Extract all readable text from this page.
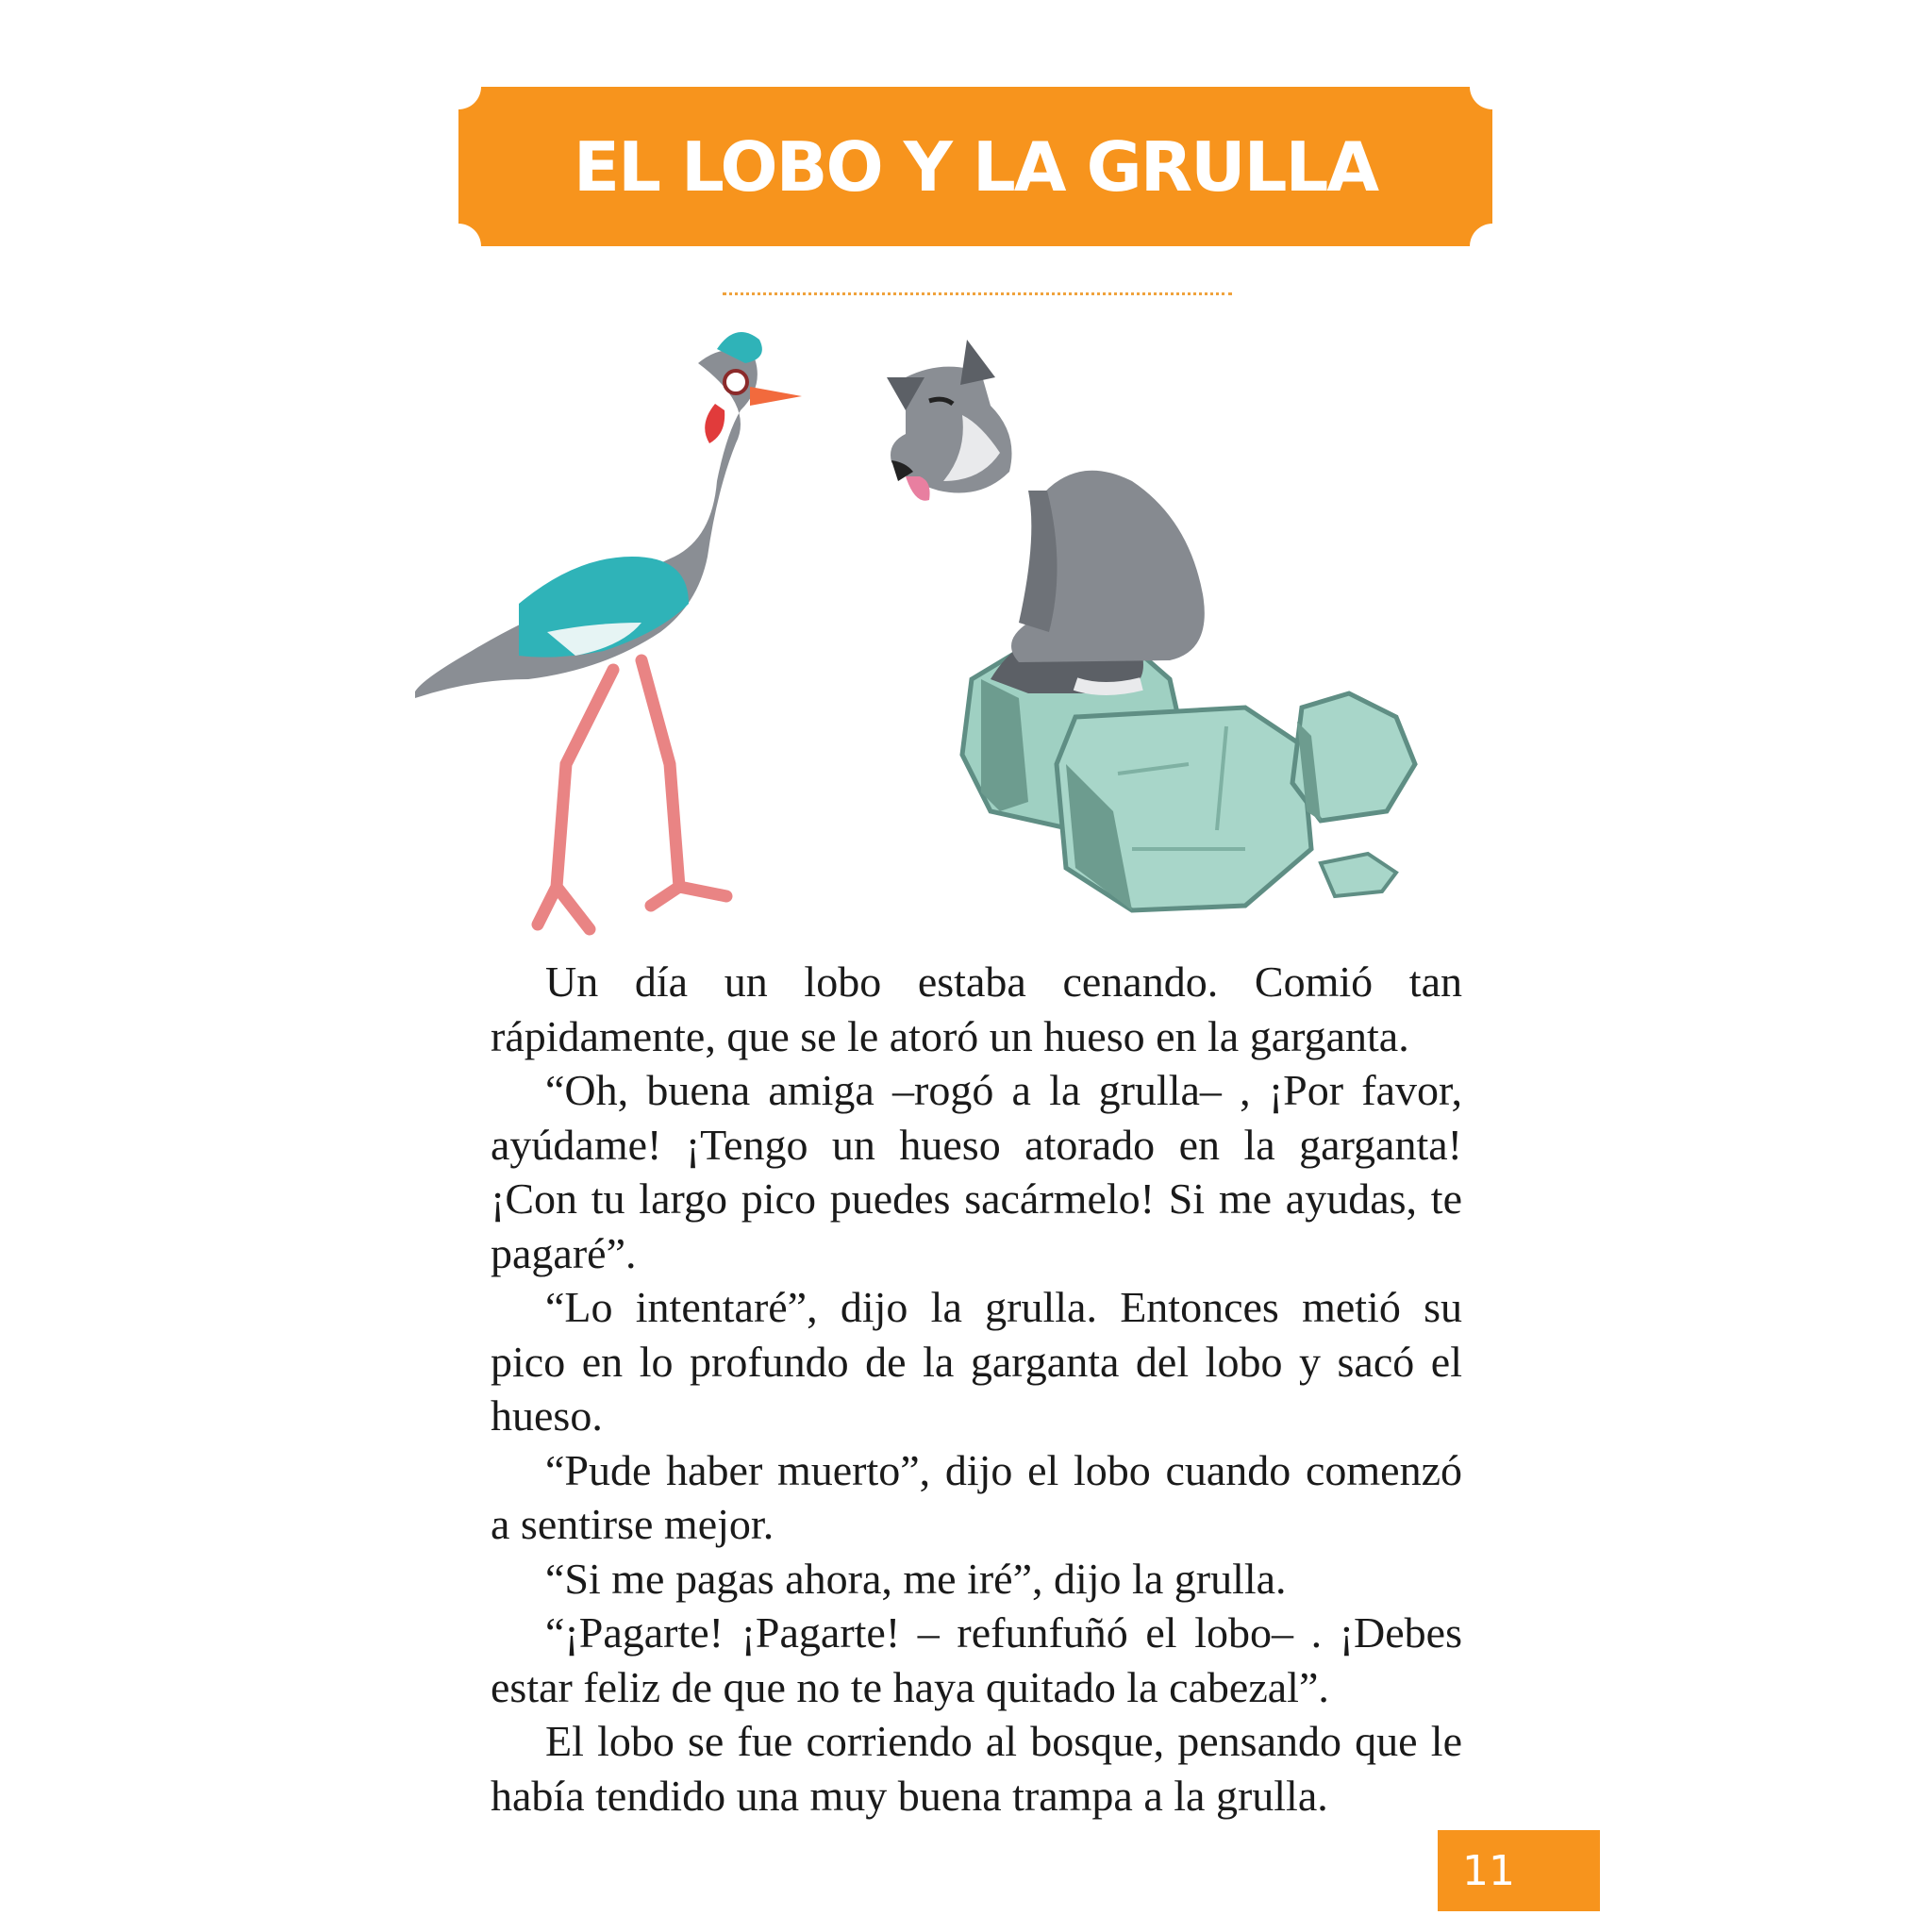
EL LOBO Y LA GRULLA

Un día un lobo estaba cenando. Comió tan rápidamente, que se le atoró un hueso en la garganta.

“Oh, buena amiga –rogó a la grulla– , ¡Por favor, ayúdame! ¡Tengo un hueso atorado en la garganta! ¡Con tu largo pico puedes sacármelo! Si me ayudas, te pagaré”.

“Lo intentaré”, dijo la grulla. Entonces metió su pico en lo profundo de la garganta del lobo y sacó el hueso.

“Pude haber muerto”, dijo el lobo cuando comenzó a sentirse mejor.

“Si me pagas ahora, me iré”, dijo la grulla.

“¡Pagarte! ¡Pagarte! – refunfuñó el lobo– . ¡Debes estar feliz de que no te haya quitado la cabezal”.

El lobo se fue corriendo al bosque, pensando que le había tendido una muy buena trampa a la grulla.

11
